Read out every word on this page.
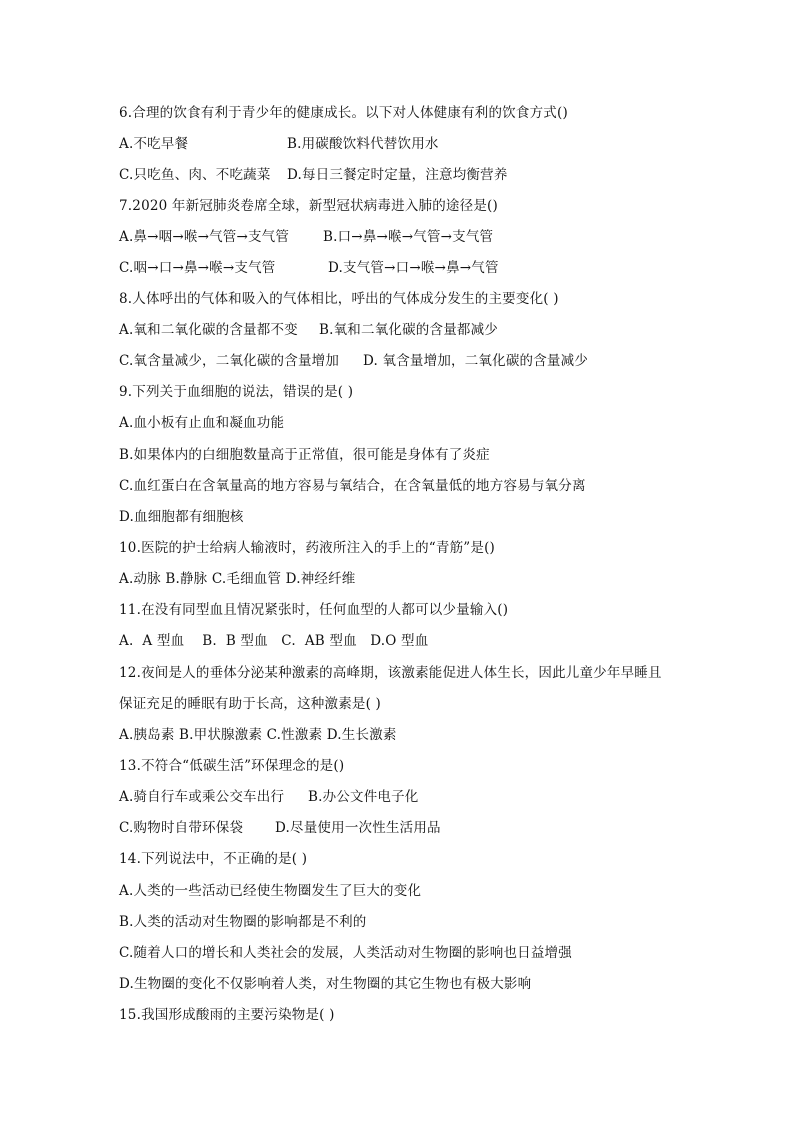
6.合理的饮食有利于青少年的健康成长。以下对人体健康有利的饮食方式()
A.不吃早餐	B.用碳酸饮料代替饮用水
C.只吃鱼、肉、不吃蔬菜 D.每日三餐定时定量，注意均衡营养
7.2020 年新冠肺炎卷席全球，新型冠状病毒进入肺的途径是()
A.鼻→咽→喉→气管→支气管	B.口→鼻→喉→气管→支气管
C.咽→口→鼻→喉→支气管	D.支气管→口→喉→鼻→气管
8.人体呼出的气体和吸入的气体相比，呼出的气体成分发生的主要变化( )
A.氧和二氧化碳的含量都不变 B.氧和二氧化碳的含量都减少
C.氧含量减少，二氧化碳的含量增加 D. 氧含量增加，二氧化碳的含量减少
9.下列关于血细胞的说法，错误的是( )
A.血小板有止血和凝血功能
B.如果体内的白细胞数量高于正常值，很可能是身体有了炎症
C.血红蛋白在含氧量高的地方容易与氧结合，在含氧量低的地方容易与氧分离
D.血细胞都有细胞核
10.医院的护士给病人输液时，药液所注入的手上的“青筋”是()
A.动脉 B.静脉 C.毛细血管 D.神经纤维
11.在没有同型血且情况紧张时，任何血型的人都可以少量输入()
A.  A 型血    B.  B 型血   C.  AB 型血   D.O 型血
12.夜间是人的垂体分泌某种激素的高峰期，该激素能促进人体生长，因此儿童少年早睡且
保证充足的睡眠有助于长高，这种激素是( )
A.胰岛素 B.甲状腺激素 C.性激素 D.生长激素
13.不符合“低碳生活”环保理念的是()
A.骑自行车或乘公交车出行 B.办公文件电子化
C.购物时自带环保袋 D.尽量使用一次性生活用品
14.下列说法中，不正确的是( )
A.人类的一些活动已经使生物圈发生了巨大的变化
B.人类的活动对生物圈的影响都是不利的
C.随着人口的增长和人类社会的发展，人类活动对生物圈的影响也日益增强
D.生物圈的变化不仅影响着人类，对生物圈的其它生物也有极大影响
15.我国形成酸雨的主要污染物是( )
